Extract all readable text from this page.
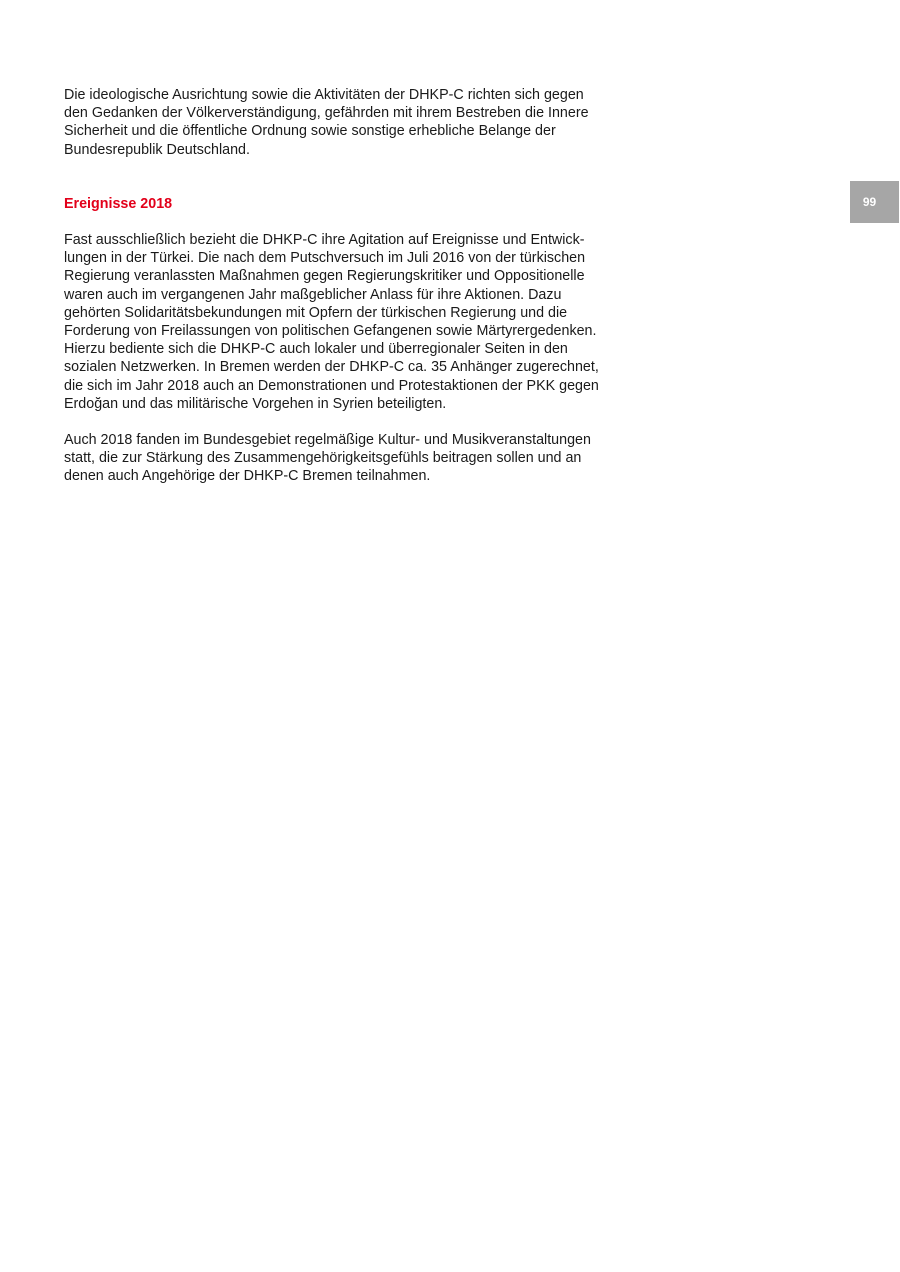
99

Die ideologische Ausrichtung sowie die Aktivitäten der DHKP-C richten sich gegen
den Gedanken der Völkerverständigung, gefährden mit ihrem Bestreben die Innere
Sicherheit und die öffentliche Ordnung sowie sonstige erhebliche Belange der
Bundesrepublik Deutschland.

Ereignisse 2018

Fast ausschließlich bezieht die DHKP-C ihre Agitation auf Ereignisse und Entwick-
lungen in der Türkei. Die nach dem Putschversuch im Juli 2016 von der türkischen
Regierung veranlassten Maßnahmen gegen Regierungskritiker und Oppositionelle
waren auch im vergangenen Jahr maßgeblicher Anlass für ihre Aktionen. Dazu
gehörten Solidaritätsbekundungen mit Opfern der türkischen Regierung und die
Forderung von Freilassungen von politischen Gefangenen sowie Märtyrergedenken.
Hierzu bediente sich die DHKP-C auch lokaler und überregionaler Seiten in den
sozialen Netzwerken. In Bremen werden der DHKP-C ca. 35 Anhänger zugerechnet,
die sich im Jahr 2018 auch an Demonstrationen und Protestaktionen der PKK gegen
Erdoğan und das militärische Vorgehen in Syrien beteiligten.

Auch 2018 fanden im Bundesgebiet regelmäßige Kultur- und Musikveranstaltungen
statt, die zur Stärkung des Zusammengehörigkeitsgefühls beitragen sollen und an
denen auch Angehörige der DHKP-C Bremen teilnahmen.
